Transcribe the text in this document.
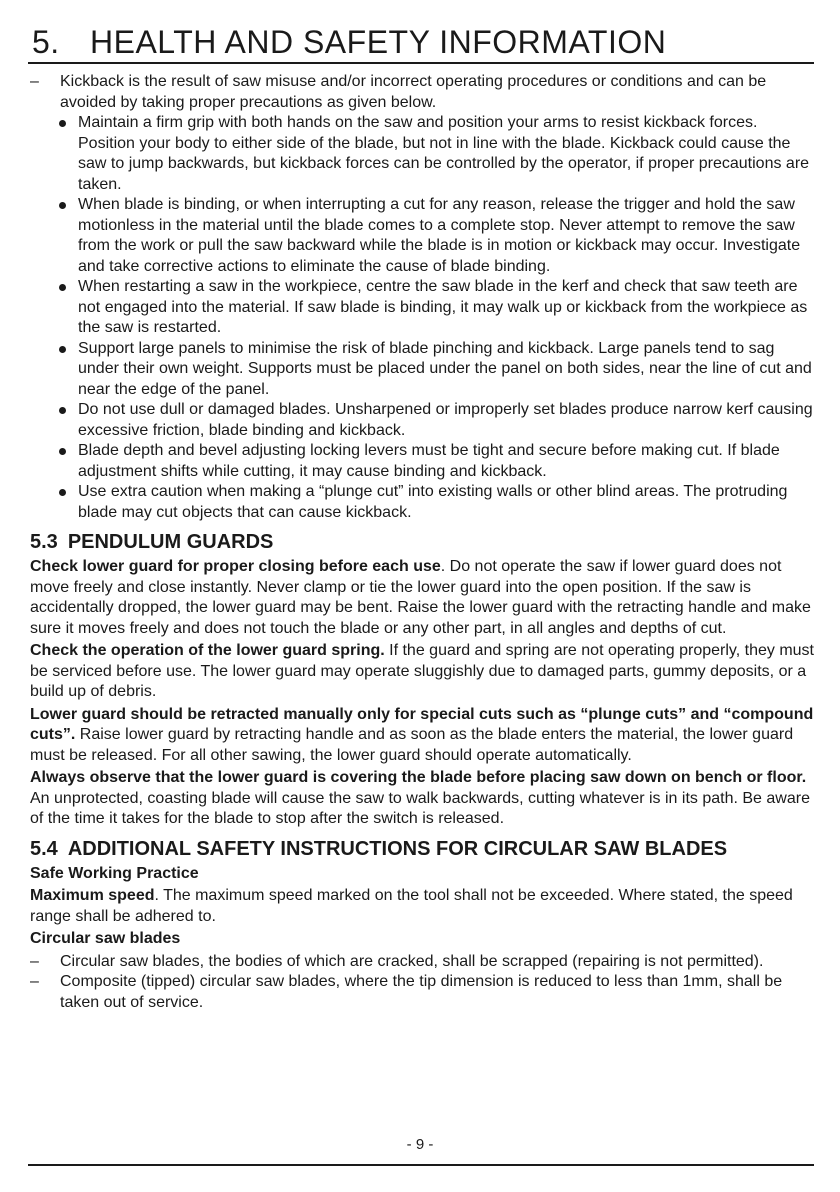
5. HEALTH AND SAFETY INFORMATION
– Kickback is the result of saw misuse and/or incorrect operating procedures or conditions and can be avoided by taking proper precautions as given below.
Maintain a firm grip with both hands on the saw and position your arms to resist kickback forces. Position your body to either side of the blade, but not in line with the blade. Kickback could cause the saw to jump backwards, but kickback forces can be controlled by the operator, if proper precautions are taken.
When blade is binding, or when interrupting a cut for any reason, release the trigger and hold the saw motionless in the material until the blade comes to a complete stop. Never attempt to remove the saw from the work or pull the saw backward while the blade is in motion or kickback may occur. Investigate and take corrective actions to eliminate the cause of blade binding.
When restarting a saw in the workpiece, centre the saw blade in the kerf and check that saw teeth are not engaged into the material. If saw blade is binding, it may walk up or kickback from the workpiece as the saw is restarted.
Support large panels to minimise the risk of blade pinching and kickback. Large panels tend to sag under their own weight. Supports must be placed under the panel on both sides, near the line of cut and near the edge of the panel.
Do not use dull or damaged blades. Unsharpened or improperly set blades produce narrow kerf causing excessive friction, blade binding and kickback.
Blade depth and bevel adjusting locking levers must be tight and secure before making cut. If blade adjustment shifts while cutting, it may cause binding and kickback.
Use extra caution when making a “plunge cut” into existing walls or other blind areas. The protruding blade may cut objects that can cause kickback.
5.3 PENDULUM GUARDS

Check lower guard for proper closing before each use. Do not operate the saw if lower guard does not move freely and close instantly. Never clamp or tie the lower guard into the open position. If the saw is accidentally dropped, the lower guard may be bent. Raise the lower guard with the retracting handle and make sure it moves freely and does not touch the blade or any other part, in all angles and depths of cut.

Check the operation of the lower guard spring. If the guard and spring are not operating properly, they must be serviced before use. The lower guard may operate sluggishly due to damaged parts, gummy deposits, or a build up of debris.

Lower guard should be retracted manually only for special cuts such as “plunge cuts” and “compound cuts”. Raise lower guard by retracting handle and as soon as the blade enters the material, the lower guard must be released. For all other sawing, the lower guard should operate automatically.

Always observe that the lower guard is covering the blade before placing saw down on bench or floor. An unprotected, coasting blade will cause the saw to walk backwards, cutting whatever is in its path. Be aware of the time it takes for the blade to stop after the switch is released.

5.4 ADDITIONAL SAFETY INSTRUCTIONS FOR CIRCULAR SAW BLADES
Safe Working Practice

Maximum speed. The maximum speed marked on the tool shall not be exceeded. Where stated, the speed range shall be adhered to.

Circular saw blades
– Circular saw blades, the bodies of which are cracked, shall be scrapped (repairing is not permitted).
– Composite (tipped) circular saw blades, where the tip dimension is reduced to less than 1mm, shall be taken out of service.
- 9 -
